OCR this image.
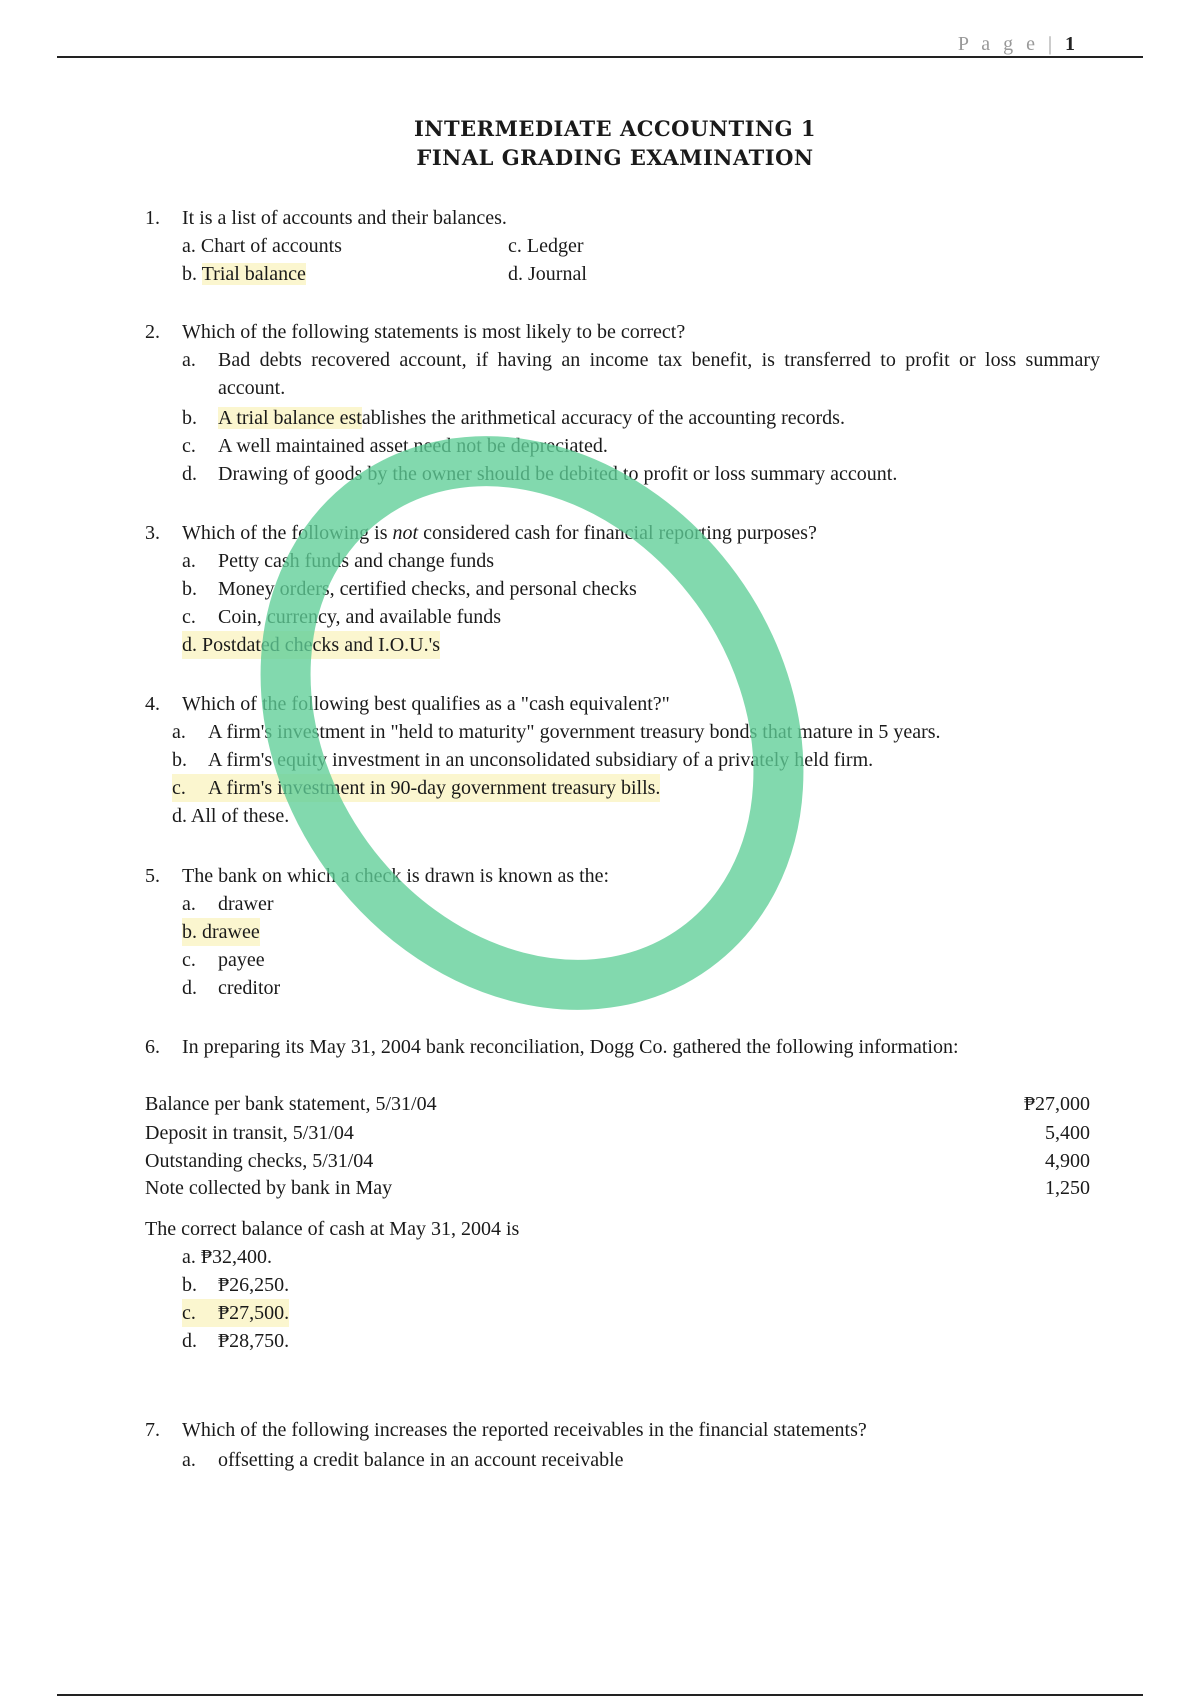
P a g e | 1
INTERMEDIATE ACCOUNTING 1
FINAL GRADING EXAMINATION
1. It is a list of accounts and their balances.
a. Chart of accounts	c. Ledger
b. Trial balance	d. Journal
2. Which of the following statements is most likely to be correct?
a. Bad debts recovered account, if having an income tax benefit, is transferred to profit or loss summary account.
b. A trial balance establishes the arithmetical accuracy of the accounting records.
c. A well maintained asset need not be depreciated.
d. Drawing of goods by the owner should be debited to profit or loss summary account.
3. Which of the following is not considered cash for financial reporting purposes?
a. Petty cash funds and change funds
b. Money orders, certified checks, and personal checks
c. Coin, currency, and available funds
d. Postdated checks and I.O.U.'s
4. Which of the following best qualifies as a "cash equivalent?"
a. A firm's investment in "held to maturity" government treasury bonds that mature in 5 years.
b. A firm's equity investment in an unconsolidated subsidiary of a privately held firm.
c. A firm's investment in 90-day government treasury bills.
d. All of these.
5. The bank on which a check is drawn is known as the:
a. drawer
b. drawee
c. payee
d. creditor
6. In preparing its May 31, 2004 bank reconciliation, Dogg Co. gathered the following information:
Balance per bank statement, 5/31/04	₱27,000
Deposit in transit, 5/31/04	5,400
Outstanding checks, 5/31/04	4,900
Note collected by bank in May	1,250
The correct balance of cash at May 31, 2004 is
a. ₱32,400.
b. ₱26,250.
c. ₱27,500.
d. ₱28,750.
7. Which of the following increases the reported receivables in the financial statements?
a. offsetting a credit balance in an account receivable
